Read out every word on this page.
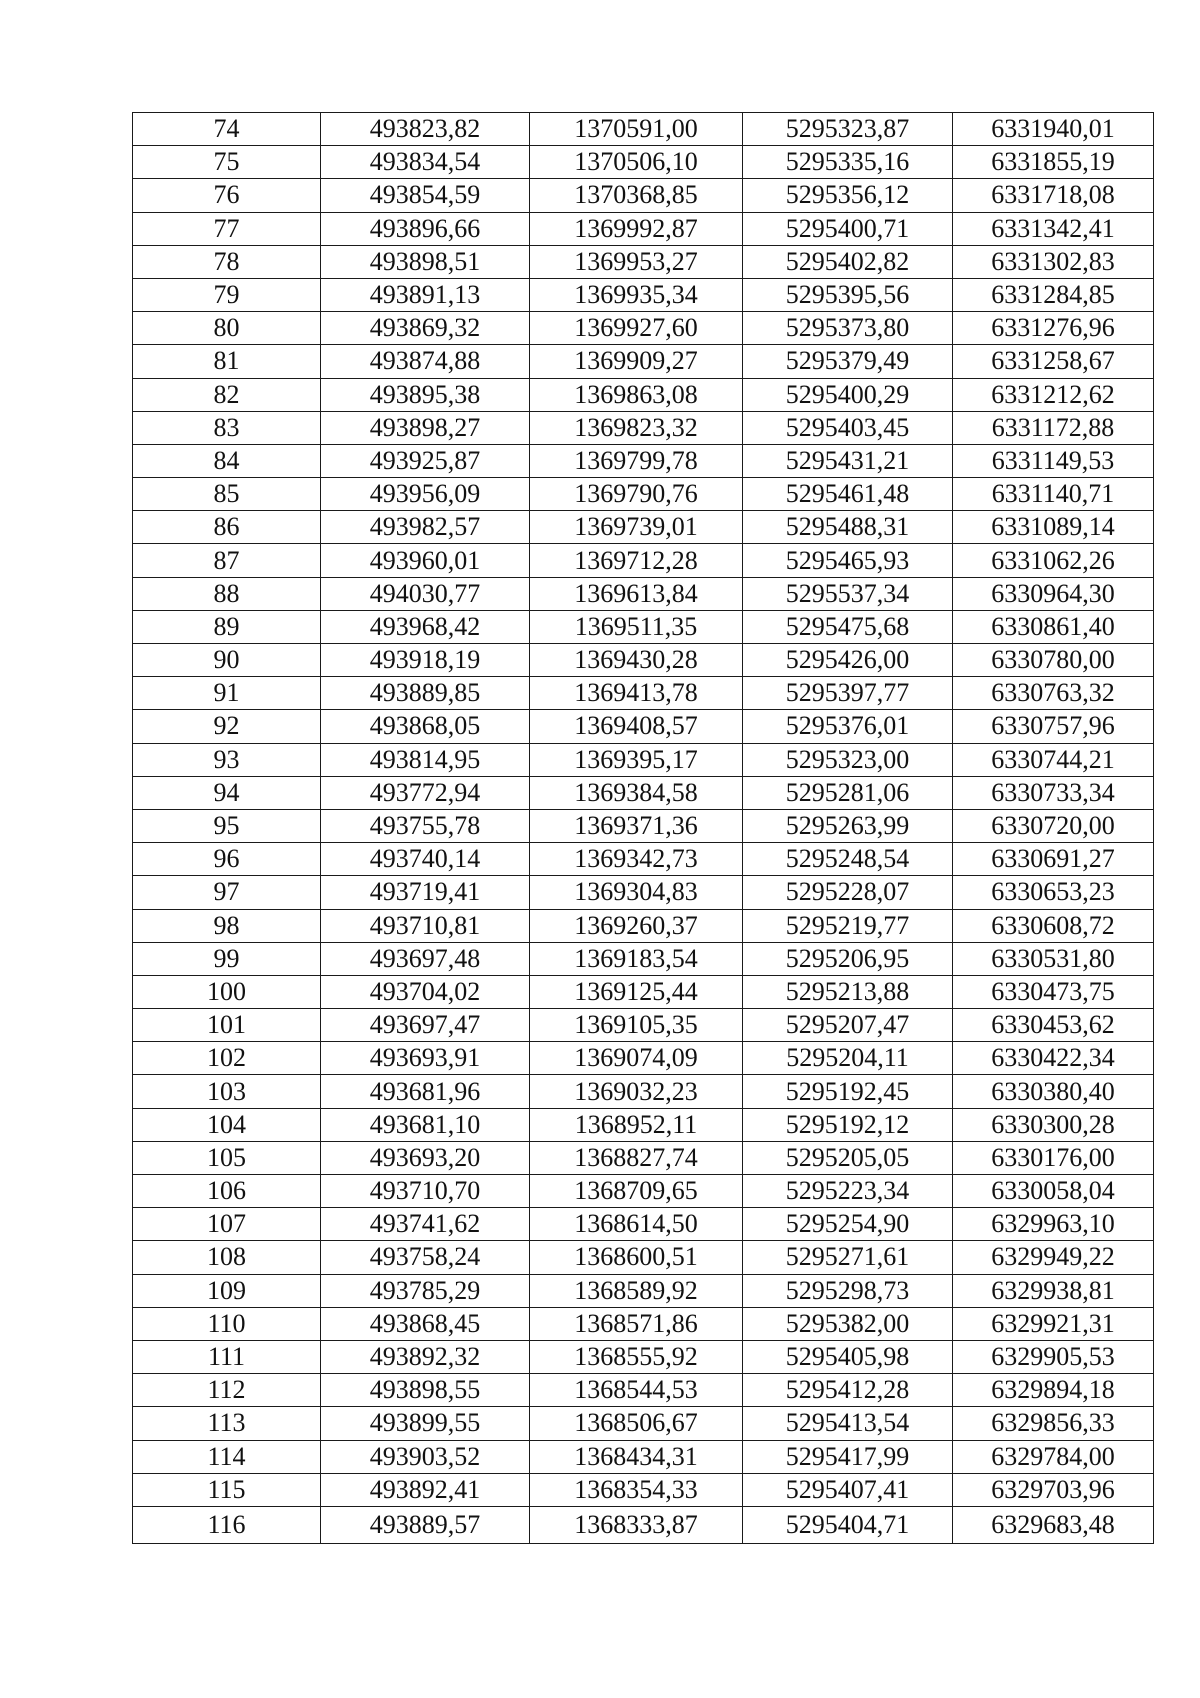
74	493823,82	1370591,00	5295323,87	6331940,01
75	493834,54	1370506,10	5295335,16	6331855,19
76	493854,59	1370368,85	5295356,12	6331718,08
77	493896,66	1369992,87	5295400,71	6331342,41
78	493898,51	1369953,27	5295402,82	6331302,83
79	493891,13	1369935,34	5295395,56	6331284,85
80	493869,32	1369927,60	5295373,80	6331276,96
81	493874,88	1369909,27	5295379,49	6331258,67
82	493895,38	1369863,08	5295400,29	6331212,62
83	493898,27	1369823,32	5295403,45	6331172,88
84	493925,87	1369799,78	5295431,21	6331149,53
85	493956,09	1369790,76	5295461,48	6331140,71
86	493982,57	1369739,01	5295488,31	6331089,14
87	493960,01	1369712,28	5295465,93	6331062,26
88	494030,77	1369613,84	5295537,34	6330964,30
89	493968,42	1369511,35	5295475,68	6330861,40
90	493918,19	1369430,28	5295426,00	6330780,00
91	493889,85	1369413,78	5295397,77	6330763,32
92	493868,05	1369408,57	5295376,01	6330757,96
93	493814,95	1369395,17	5295323,00	6330744,21
94	493772,94	1369384,58	5295281,06	6330733,34
95	493755,78	1369371,36	5295263,99	6330720,00
96	493740,14	1369342,73	5295248,54	6330691,27
97	493719,41	1369304,83	5295228,07	6330653,23
98	493710,81	1369260,37	5295219,77	6330608,72
99	493697,48	1369183,54	5295206,95	6330531,80
100	493704,02	1369125,44	5295213,88	6330473,75
101	493697,47	1369105,35	5295207,47	6330453,62
102	493693,91	1369074,09	5295204,11	6330422,34
103	493681,96	1369032,23	5295192,45	6330380,40
104	493681,10	1368952,11	5295192,12	6330300,28
105	493693,20	1368827,74	5295205,05	6330176,00
106	493710,70	1368709,65	5295223,34	6330058,04
107	493741,62	1368614,50	5295254,90	6329963,10
108	493758,24	1368600,51	5295271,61	6329949,22
109	493785,29	1368589,92	5295298,73	6329938,81
110	493868,45	1368571,86	5295382,00	6329921,31
111	493892,32	1368555,92	5295405,98	6329905,53
112	493898,55	1368544,53	5295412,28	6329894,18
113	493899,55	1368506,67	5295413,54	6329856,33
114	493903,52	1368434,31	5295417,99	6329784,00
115	493892,41	1368354,33	5295407,41	6329703,96
116	493889,57	1368333,87	5295404,71	6329683,48
